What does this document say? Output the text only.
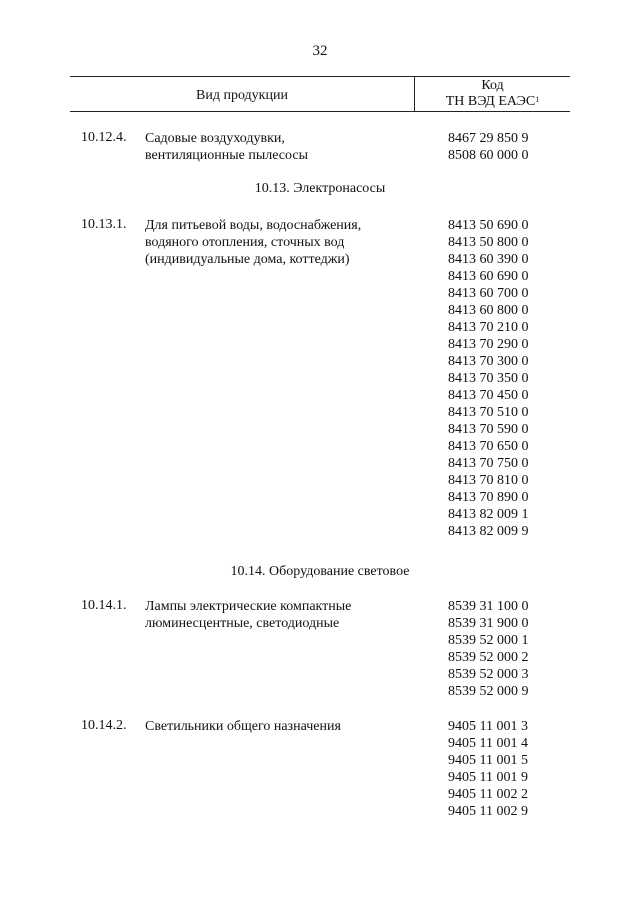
32
Вид продукции
Код
ТН ВЭД ЕАЭС$^1$
10.12.4. Садовые воздуходувки,
вентиляционные пылесосы
8467 29 850 9
8508 60 000 0
10.13. Электронасосы
10.13.1. Для питьевой воды, водоснабжения,
водяного отопления, сточных вод
(индивидуальные дома, коттеджи)
8413 50 690 0
8413 50 800 0
8413 60 390 0
8413 60 690 0
8413 60 700 0
8413 60 800 0
8413 70 210 0
8413 70 290 0
8413 70 300 0
8413 70 350 0
8413 70 450 0
8413 70 510 0
8413 70 590 0
8413 70 650 0
8413 70 750 0
8413 70 810 0
8413 70 890 0
8413 82 009 1
8413 82 009 9
10.14. Оборудование световое
10.14.1. Лампы электрические компактные
люминесцентные, светодиодные
8539 31 100 0
8539 31 900 0
8539 52 000 1
8539 52 000 2
8539 52 000 3
8539 52 000 9
10.14.2. Светильники общего назначения	9405 11 001 3
9405 11 001 4
9405 11 001 5
9405 11 001 9
9405 11 002 2
9405 11 002 9
